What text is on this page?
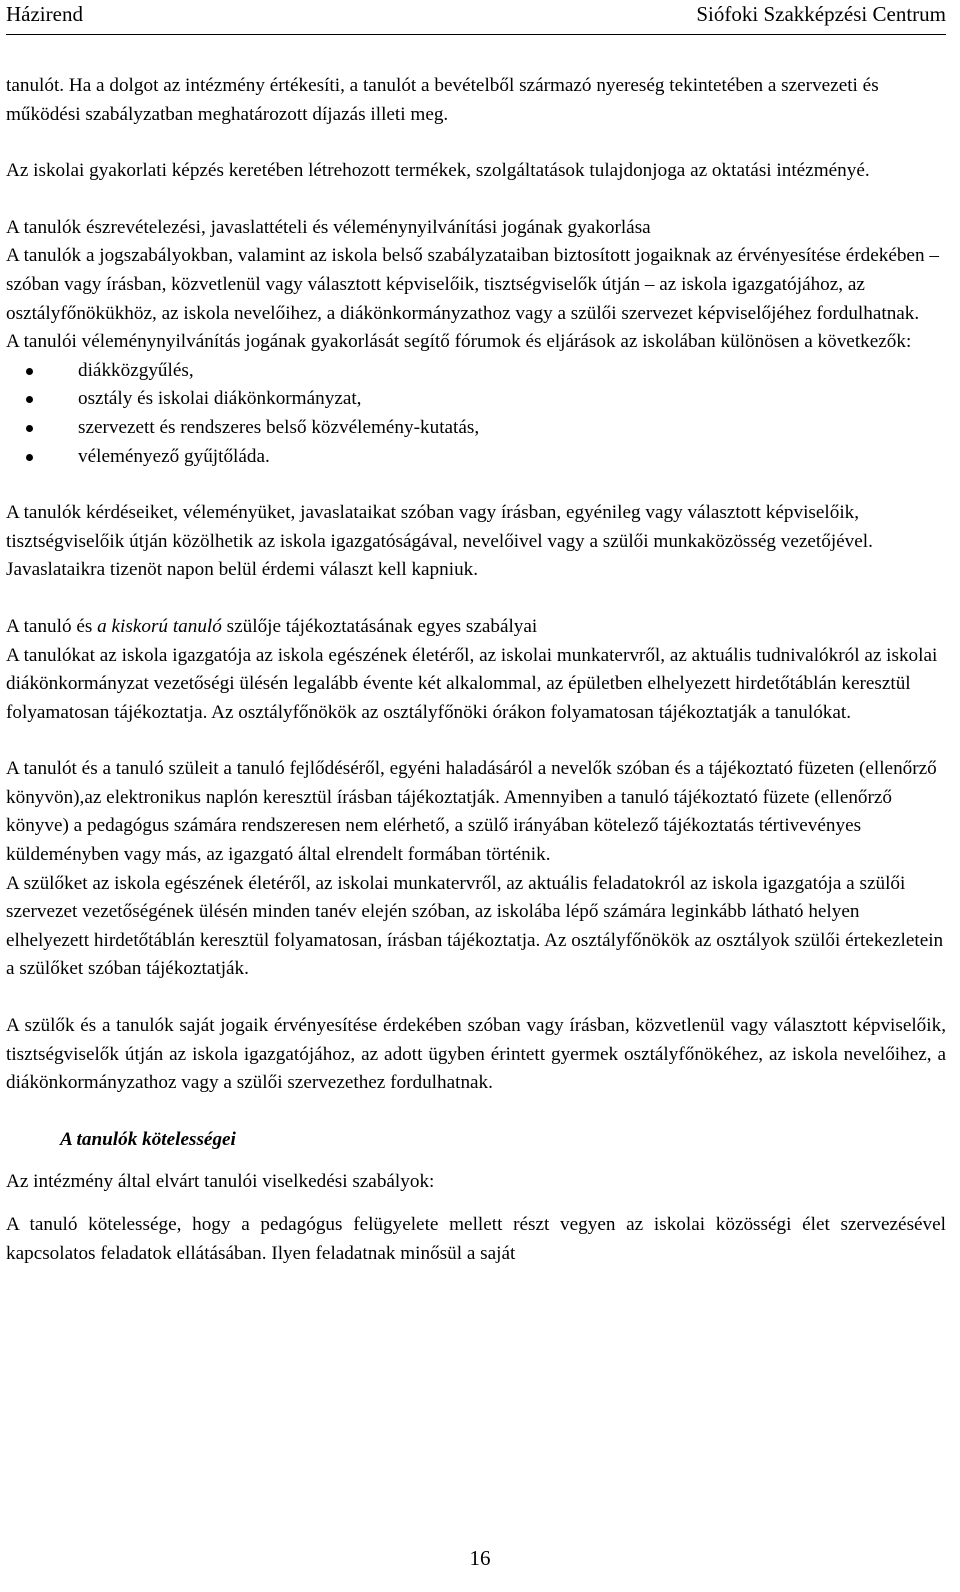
Házirend	Siófoki Szakképzési Centrum

tanulót. Ha a dolgot az intézmény értékesíti, a tanulót a bevételből származó nyereség tekintetében a szervezeti és működési szabályzatban meghatározott díjazás illeti meg.

Az iskolai gyakorlati képzés keretében létrehozott termékek, szolgáltatások tulajdonjoga az oktatási intézményé.

A tanulók észrevételezési, javaslattételi és véleménynyilvánítási jogának gyakorlása

A tanulók a jogszabályokban, valamint az iskola belső szabályzataiban biztosított jogaiknak az érvényesítése érdekében – szóban vagy írásban, közvetlenül vagy választott képviselőik, tisztségviselők útján – az iskola igazgatójához, az osztályfőnökükhöz, az iskola nevelőihez, a diákönkormányzathoz vagy a szülői szervezet képviselőjéhez fordulhatnak.

A tanulói véleménynyilvánítás jogának gyakorlását segítő fórumok és eljárások az iskolában különösen a következők:

diákközgyűlés,
osztály és iskolai diákönkormányzat,
szervezett és rendszeres belső közvélemény-kutatás,
véleményező gyűjtőláda.

A tanulók kérdéseiket, véleményüket, javaslataikat szóban vagy írásban, egyénileg vagy választott képviselőik, tisztségviselőik útján közölhetik az iskola igazgatóságával, nevelőivel vagy a szülői munkaközösség vezetőjével. Javaslataikra tizenöt napon belül érdemi választ kell kapniuk.

A tanuló és a kiskorú tanuló szülője tájékoztatásának egyes szabályai

A tanulókat az iskola igazgatója az iskola egészének életéről, az iskolai munkatervről, az aktuális tudnivalókról az iskolai diákönkormányzat vezetőségi ülésén legalább évente két alkalommal, az épületben elhelyezett hirdetőtáblán keresztül folyamatosan tájékoztatja. Az osztályfőnökök az osztályfőnöki órákon folyamatosan tájékoztatják a tanulókat.

A tanulót és a tanuló szüleit a tanuló fejlődéséről, egyéni haladásáról a nevelők szóban és a tájékoztató füzeten (ellenőrző könyvön),az elektronikus naplón keresztül írásban tájékoztatják. Amennyiben a tanuló tájékoztató füzete (ellenőrző könyve) a pedagógus számára rendszeresen nem elérhető, a szülő irányában kötelező tájékoztatás tértivevényes küldeményben vagy más, az igazgató által elrendelt formában történik.

A szülőket az iskola egészének életéről, az iskolai munkatervről, az aktuális feladatokról az iskola igazgatója a szülői szervezet vezetőségének ülésén minden tanév elején szóban, az iskolába lépő számára leginkább látható helyen elhelyezett hirdetőtáblán keresztül folyamatosan, írásban tájékoztatja. Az osztályfőnökök az osztályok szülői értekezletein a szülőket szóban tájékoztatják.

A szülők és a tanulók saját jogaik érvényesítése érdekében szóban vagy írásban, közvetlenül vagy választott képviselőik, tisztségviselők útján az iskola igazgatójához, az adott ügyben érintett gyermek osztályfőnökéhez, az iskola nevelőihez, a diákönkormányzathoz vagy a szülői szervezethez fordulhatnak.

A tanulók kötelességei

Az intézmény által elvárt tanulói viselkedési szabályok:

A tanuló kötelessége, hogy a pedagógus felügyelete mellett részt vegyen az iskolai közösségi élet szervezésével kapcsolatos feladatok ellátásában. Ilyen feladatnak minősül a saját

16
